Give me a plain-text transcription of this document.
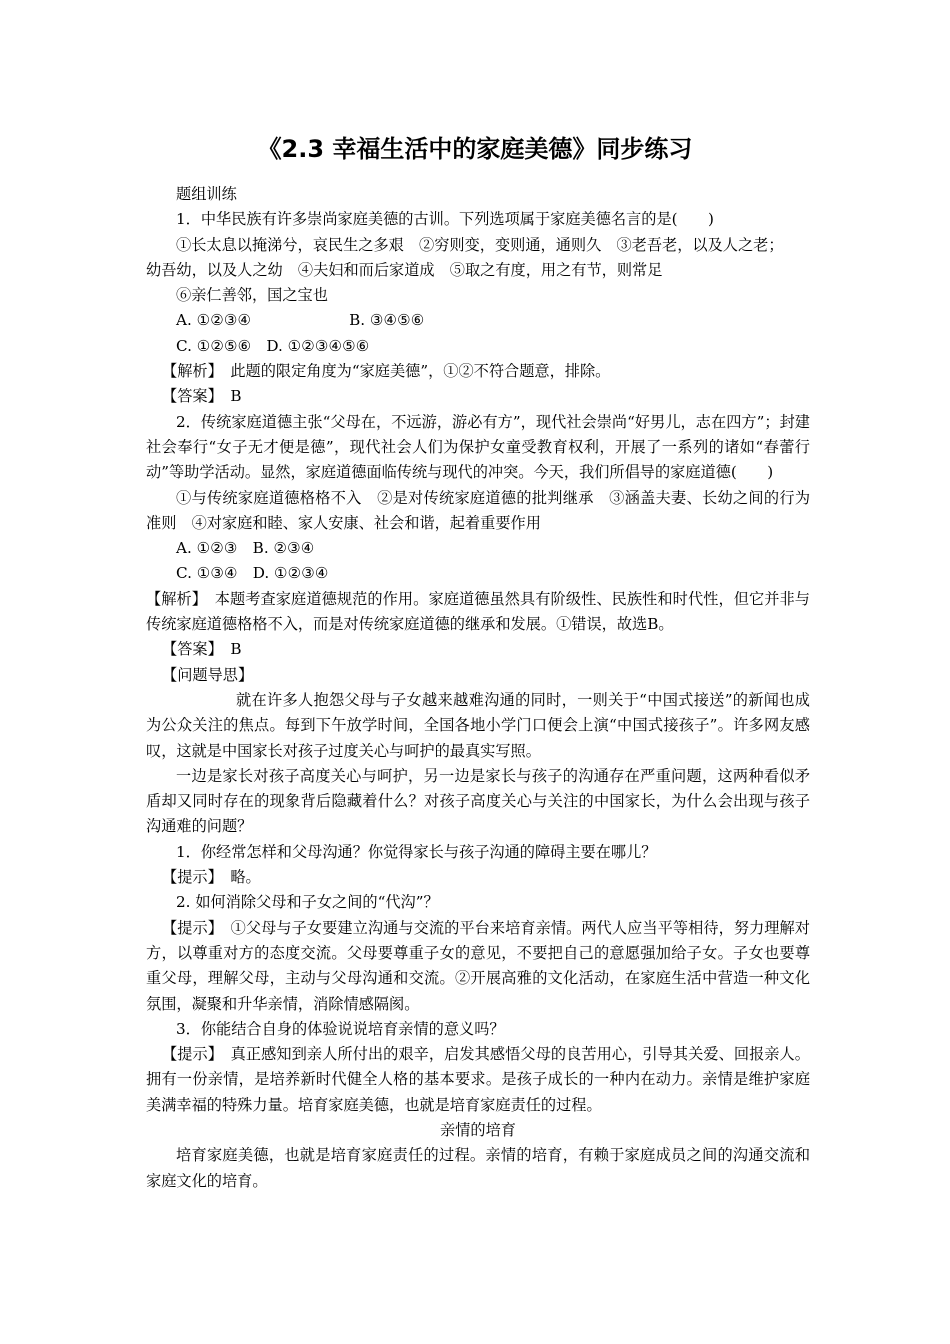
《2.3 幸福生活中的家庭美德》同步练习

题组训练

1．中华民族有许多崇尚家庭美德的古训。下列选项属于家庭美德名言的是(　　)

①长太息以掩涕兮，哀民生之多艰　②穷则变，变则通，通则久　③老吾老，以及人之老；

幼吾幼，以及人之幼　④夫妇和而后家道成　⑤取之有度，用之有节，则常足

⑥亲仁善邻，国之宝也

A. ①②③④	B. ③④⑤⑥

C. ①②⑤⑥　D. ①②③④⑤⑥

【解析】　此题的限定角度为“家庭美德”，①②不符合题意，排除。

【答案】　B

2．传统家庭道德主张“父母在，不远游，游必有方”，现代社会崇尚“好男儿，志在四方”；封建社会奉行“女子无才便是德”，现代社会人们为保护女童受教育权利，开展了一系列的诸如“春蕾行动”等助学活动。显然，家庭道德面临传统与现代的冲突。今天，我们所倡导的家庭道德(　　)

①与传统家庭道德格格不入　②是对传统家庭道德的批判继承　③涵盖夫妻、长幼之间的行为准则　④对家庭和睦、家人安康、社会和谐，起着重要作用

A. ①②③　B. ②③④

C. ①③④　D. ①②③④

【解析】　本题考查家庭道德规范的作用。家庭道德虽然具有阶级性、民族性和时代性，但它并非与传统家庭道德格格不入，而是对传统家庭道德的继承和发展。①错误，故选B。

【答案】　B

【问题导思】

就在许多人抱怨父母与子女越来越难沟通的同时，一则关于“中国式接送”的新闻也成为公众关注的焦点。每到下午放学时间，全国各地小学门口便会上演“中国式接孩子”。许多网友感叹，这就是中国家长对孩子过度关心与呵护的最真实写照。

一边是家长对孩子高度关心与呵护，另一边是家长与孩子的沟通存在严重问题，这两种看似矛盾却又同时存在的现象背后隐藏着什么？对孩子高度关心与关注的中国家长，为什么会出现与孩子沟通难的问题？

1．你经常怎样和父母沟通？你觉得家长与孩子沟通的障碍主要在哪儿？

【提示】　略。

2. 如何消除父母和子女之间的“代沟”？

【提示】　①父母与子女要建立沟通与交流的平台来培育亲情。两代人应当平等相待，努力理解对方，以尊重对方的态度交流。父母要尊重子女的意见，不要把自己的意愿强加给子女。子女也要尊重父母，理解父母，主动与父母沟通和交流。②开展高雅的文化活动，在家庭生活中营造一种文化氛围，凝聚和升华亲情，消除情感隔阂。

3．你能结合自身的体验说说培育亲情的意义吗？

【提示】　真正感知到亲人所付出的艰辛，启发其感悟父母的良苦用心，引导其关爱、回报亲人。拥有一份亲情，是培养新时代健全人格的基本要求。是孩子成长的一种内在动力。亲情是维护家庭美满幸福的特殊力量。培育家庭美德，也就是培育家庭责任的过程。

亲情的培育

培育家庭美德，也就是培育家庭责任的过程。亲情的培育，有赖于家庭成员之间的沟通交流和家庭文化的培育。
